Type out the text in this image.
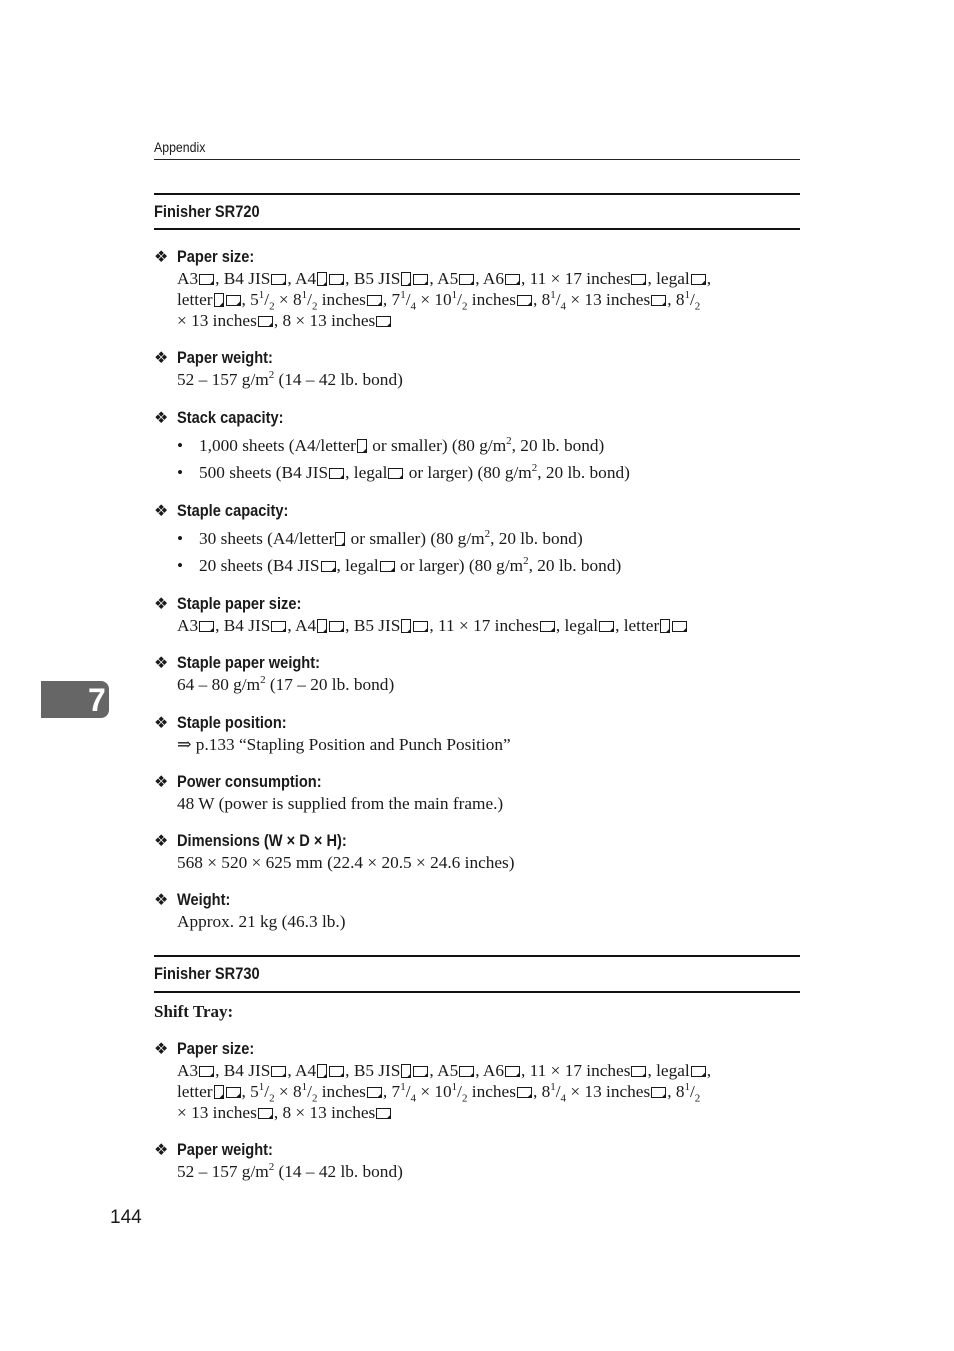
Appendix
Finisher SR720
❖ Paper size:
A3 , B4 JIS , A4 , B5 JIS , A5 , A6 , 11 × 17 inches , legal ,
letter , $5^1/_2 \times 8^1/_2$ inches , $7^1/_4 \times 10^1/_2$ inches , $8^1/_4 \times 13$ inches , $8^1/_2$
× 13 inches , 8 × 13 inches
❖ Paper weight:
52 – 157 $g/m^2$ (14 – 42 lb. bond)
❖ Stack capacity:
• 1,000 sheets (A4/letter or smaller) (80 $g/m^2$, 20 lb. bond)
• 500 sheets (B4 JIS , legal or larger) (80 $g/m^2$, 20 lb. bond)
❖ Staple capacity:
• 30 sheets (A4/letter or smaller) (80 $g/m^2$, 20 lb. bond)
• 20 sheets (B4 JIS , legal or larger) (80 $g/m^2$, 20 lb. bond)
❖ Staple paper size:
A3 , B4 JIS , A4 , B5 JIS , 11 × 17 inches , legal , letter
7
❖ Staple paper weight:
64 – 80 $g/m^2$ (17 – 20 lb. bond)
❖ Staple position:
⇒ p.133 “Stapling Position and Punch Position”
❖ Power consumption:
48 W (power is supplied from the main frame.)
❖ Dimensions (W × D × H):
568 × 520 × 625 mm (22.4 × 20.5 × 24.6 inches)
❖ Weight:
Approx. 21 kg (46.3 lb.)
Finisher SR730
Shift Tray:
❖ Paper size:
A3 , B4 JIS , A4 , B5 JIS , A5 , A6 , 11 × 17 inches , legal ,
letter , $5^1/_2 \times 8^1/_2$ inches , $7^1/_4 \times 10^1/_2$ inches , $8^1/_4 \times 13$ inches , $8^1/_2$
× 13 inches , 8 × 13 inches
❖ Paper weight:
52 – 157 $g/m^2$ (14 – 42 lb. bond)
144
